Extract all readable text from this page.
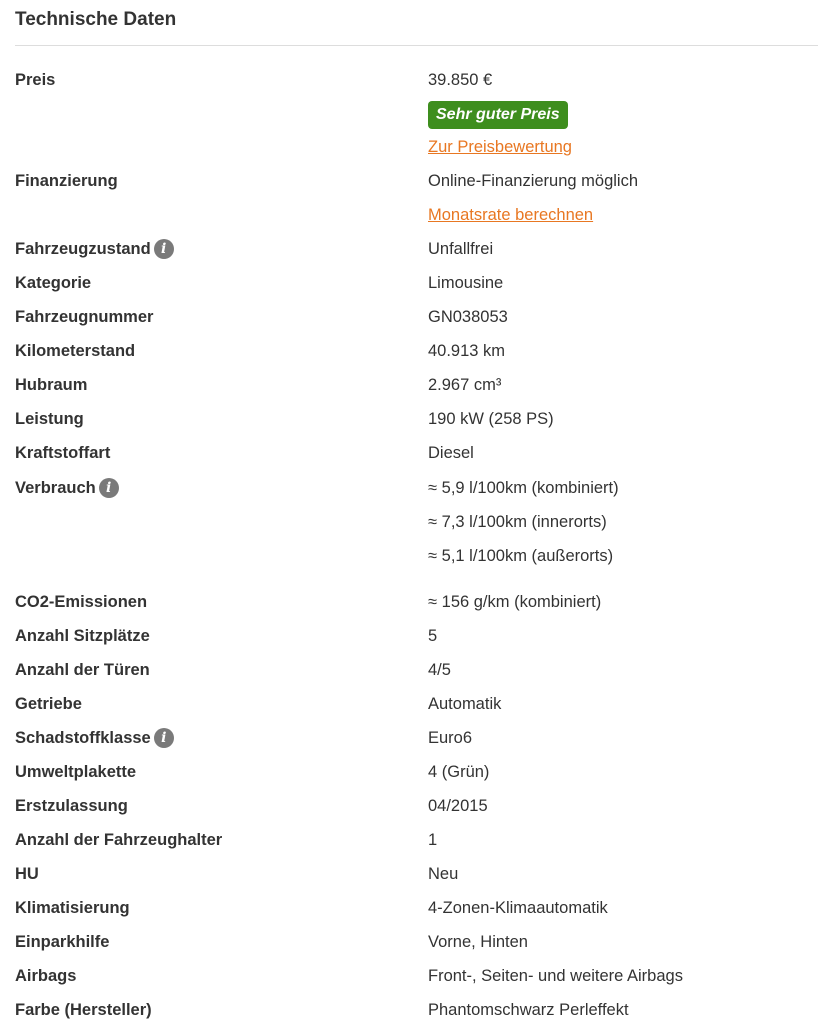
Technische Daten
Preis	39.850 €
Sehr guter Preis
Zur Preisbewertung
Finanzierung	Online-Finanzierung möglich
Monatsrate berechnen
Fahrzeugzustand i	Unfallfrei
Kategorie	Limousine
Fahrzeugnummer	GN038053
Kilometerstand	40.913 km
Hubraum	2.967 cm³
Leistung	190 kW (258 PS)
Kraftstoffart	Diesel
Verbrauch i	≈ 5,9 l/100km (kombiniert)
≈ 7,3 l/100km (innerorts)
≈ 5,1 l/100km (außerorts)
CO2-Emissionen	≈ 156 g/km (kombiniert)
Anzahl Sitzplätze	5
Anzahl der Türen	4/5
Getriebe	Automatik
Schadstoffklasse i	Euro6
Umweltplakette	4 (Grün)
Erstzulassung	04/2015
Anzahl der Fahrzeughalter	1
HU	Neu
Klimatisierung	4-Zonen-Klimaautomatik
Einparkhilfe	Vorne, Hinten
Airbags	Front-, Seiten- und weitere Airbags
Farbe (Hersteller)	Phantomschwarz Perleffekt
